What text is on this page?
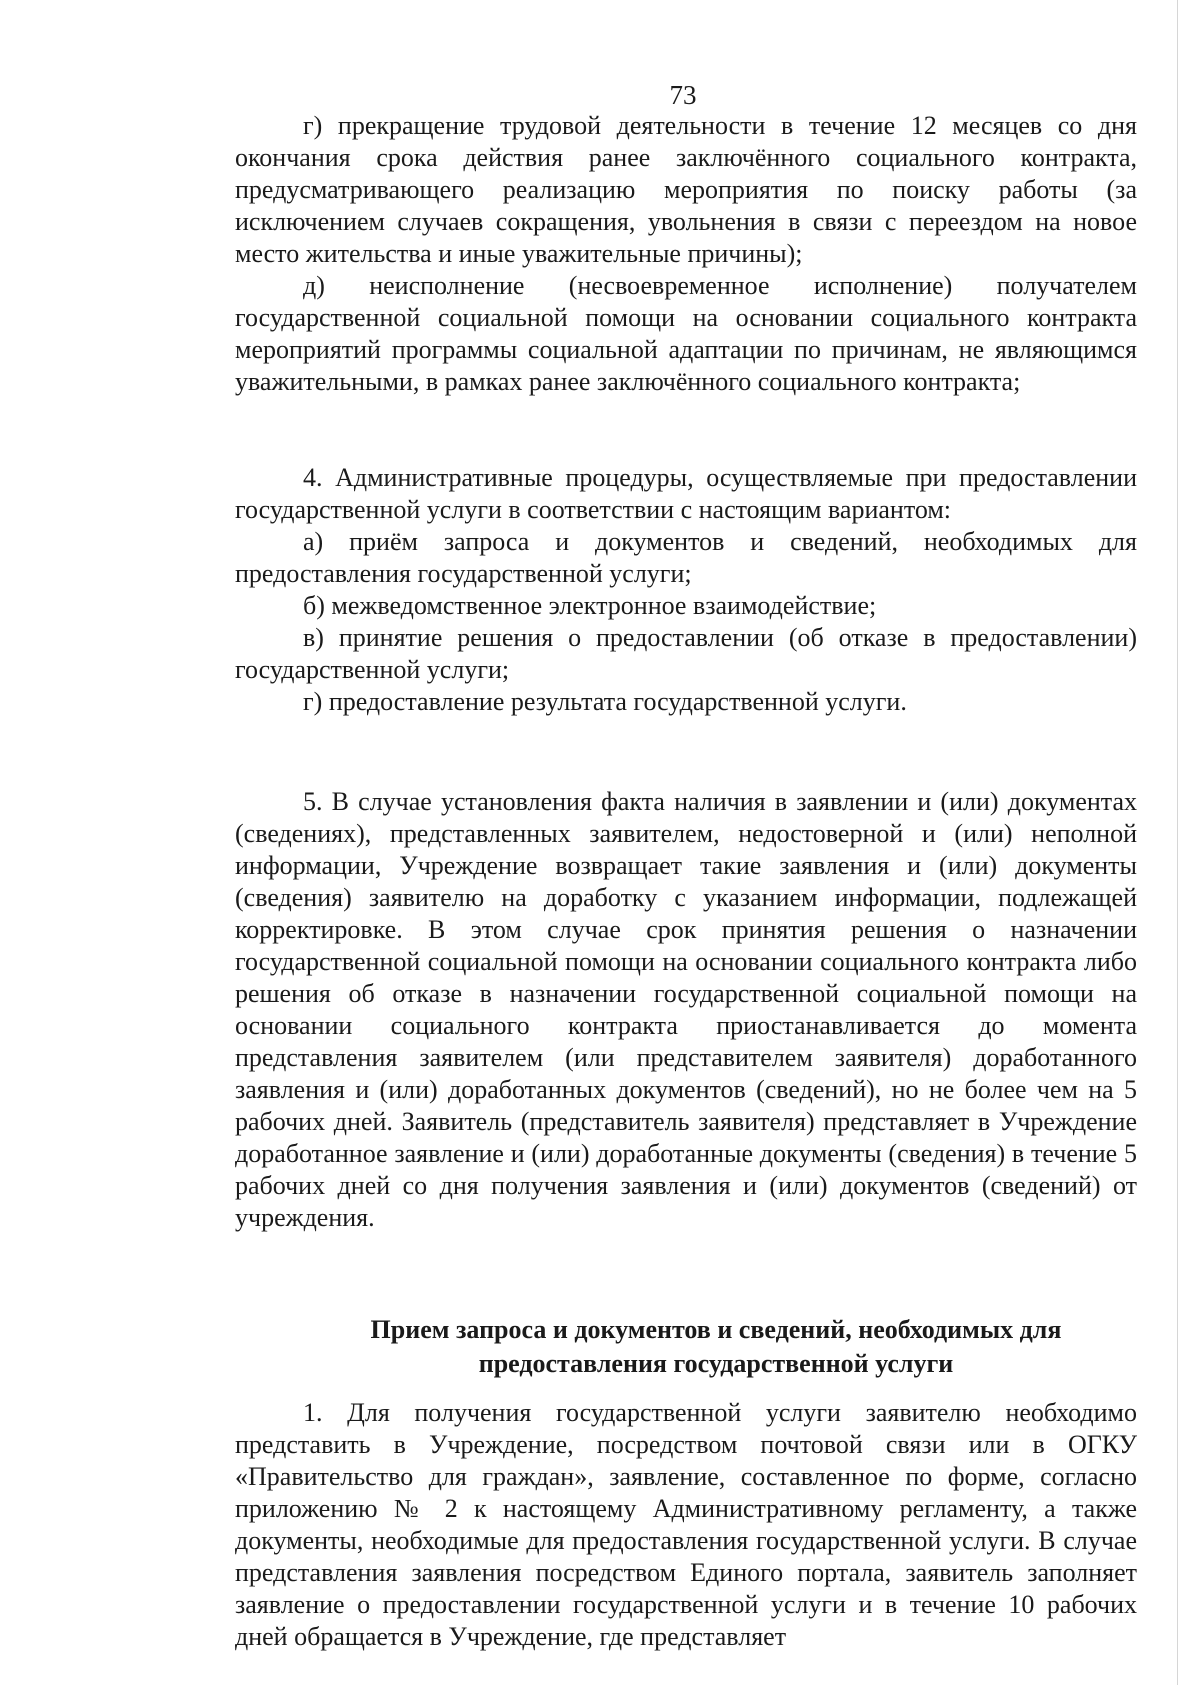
73

г) прекращение трудовой деятельности в течение 12 месяцев со дня окончания срока действия ранее заключённого социального контракта, предусматривающего реализацию мероприятия по поиску работы (за исключением случаев сокращения, увольнения в связи с переездом на новое место жительства и иные уважительные причины);

д) неисполнение (несвоевременное исполнение) получателем государственной социальной помощи на основании социального контракта мероприятий программы социальной адаптации по причинам, не являющимся уважительными, в рамках ранее заключённого социального контракта;

4. Административные процедуры, осуществляемые при предоставлении государственной услуги в соответствии с настоящим вариантом:

а) приём запроса и документов и сведений, необходимых для предоставления государственной услуги;

б) межведомственное электронное взаимодействие;

в) принятие решения о предоставлении (об отказе в предоставлении) государственной услуги;

г) предоставление результата государственной услуги.

5. В случае установления факта наличия в заявлении и (или) документах (сведениях), представленных заявителем, недостоверной и (или) неполной информации, Учреждение возвращает такие заявления и (или) документы (сведения) заявителю на доработку с указанием информации, подлежащей корректировке. В этом случае срок принятия решения о назначении государственной социальной помощи на основании социального контракта либо решения об отказе в назначении государственной социальной помощи на основании социального контракта приостанавливается до момента представления заявителем (или представителем заявителя) доработанного заявления и (или) доработанных документов (сведений), но не более чем на 5 рабочих дней. Заявитель (представитель заявителя) представляет в Учреждение доработанное заявление и (или) доработанные документы (сведения) в течение 5 рабочих дней со дня получения заявления и (или) документов (сведений) от учреждения.

Прием запроса и документов и сведений, необходимых для
предоставления государственной услуги

1. Для получения государственной услуги заявителю необходимо представить в Учреждение, посредством почтовой связи или в ОГКУ «Правительство для граждан», заявление, составленное по форме, согласно приложению № 2 к настоящему Административному регламенту, а также документы, необходимые для предоставления государственной услуги. В случае представления заявления посредством Единого портала, заявитель заполняет заявление о предоставлении государственной услуги и в течение 10 рабочих дней обращается в Учреждение, где представляет
